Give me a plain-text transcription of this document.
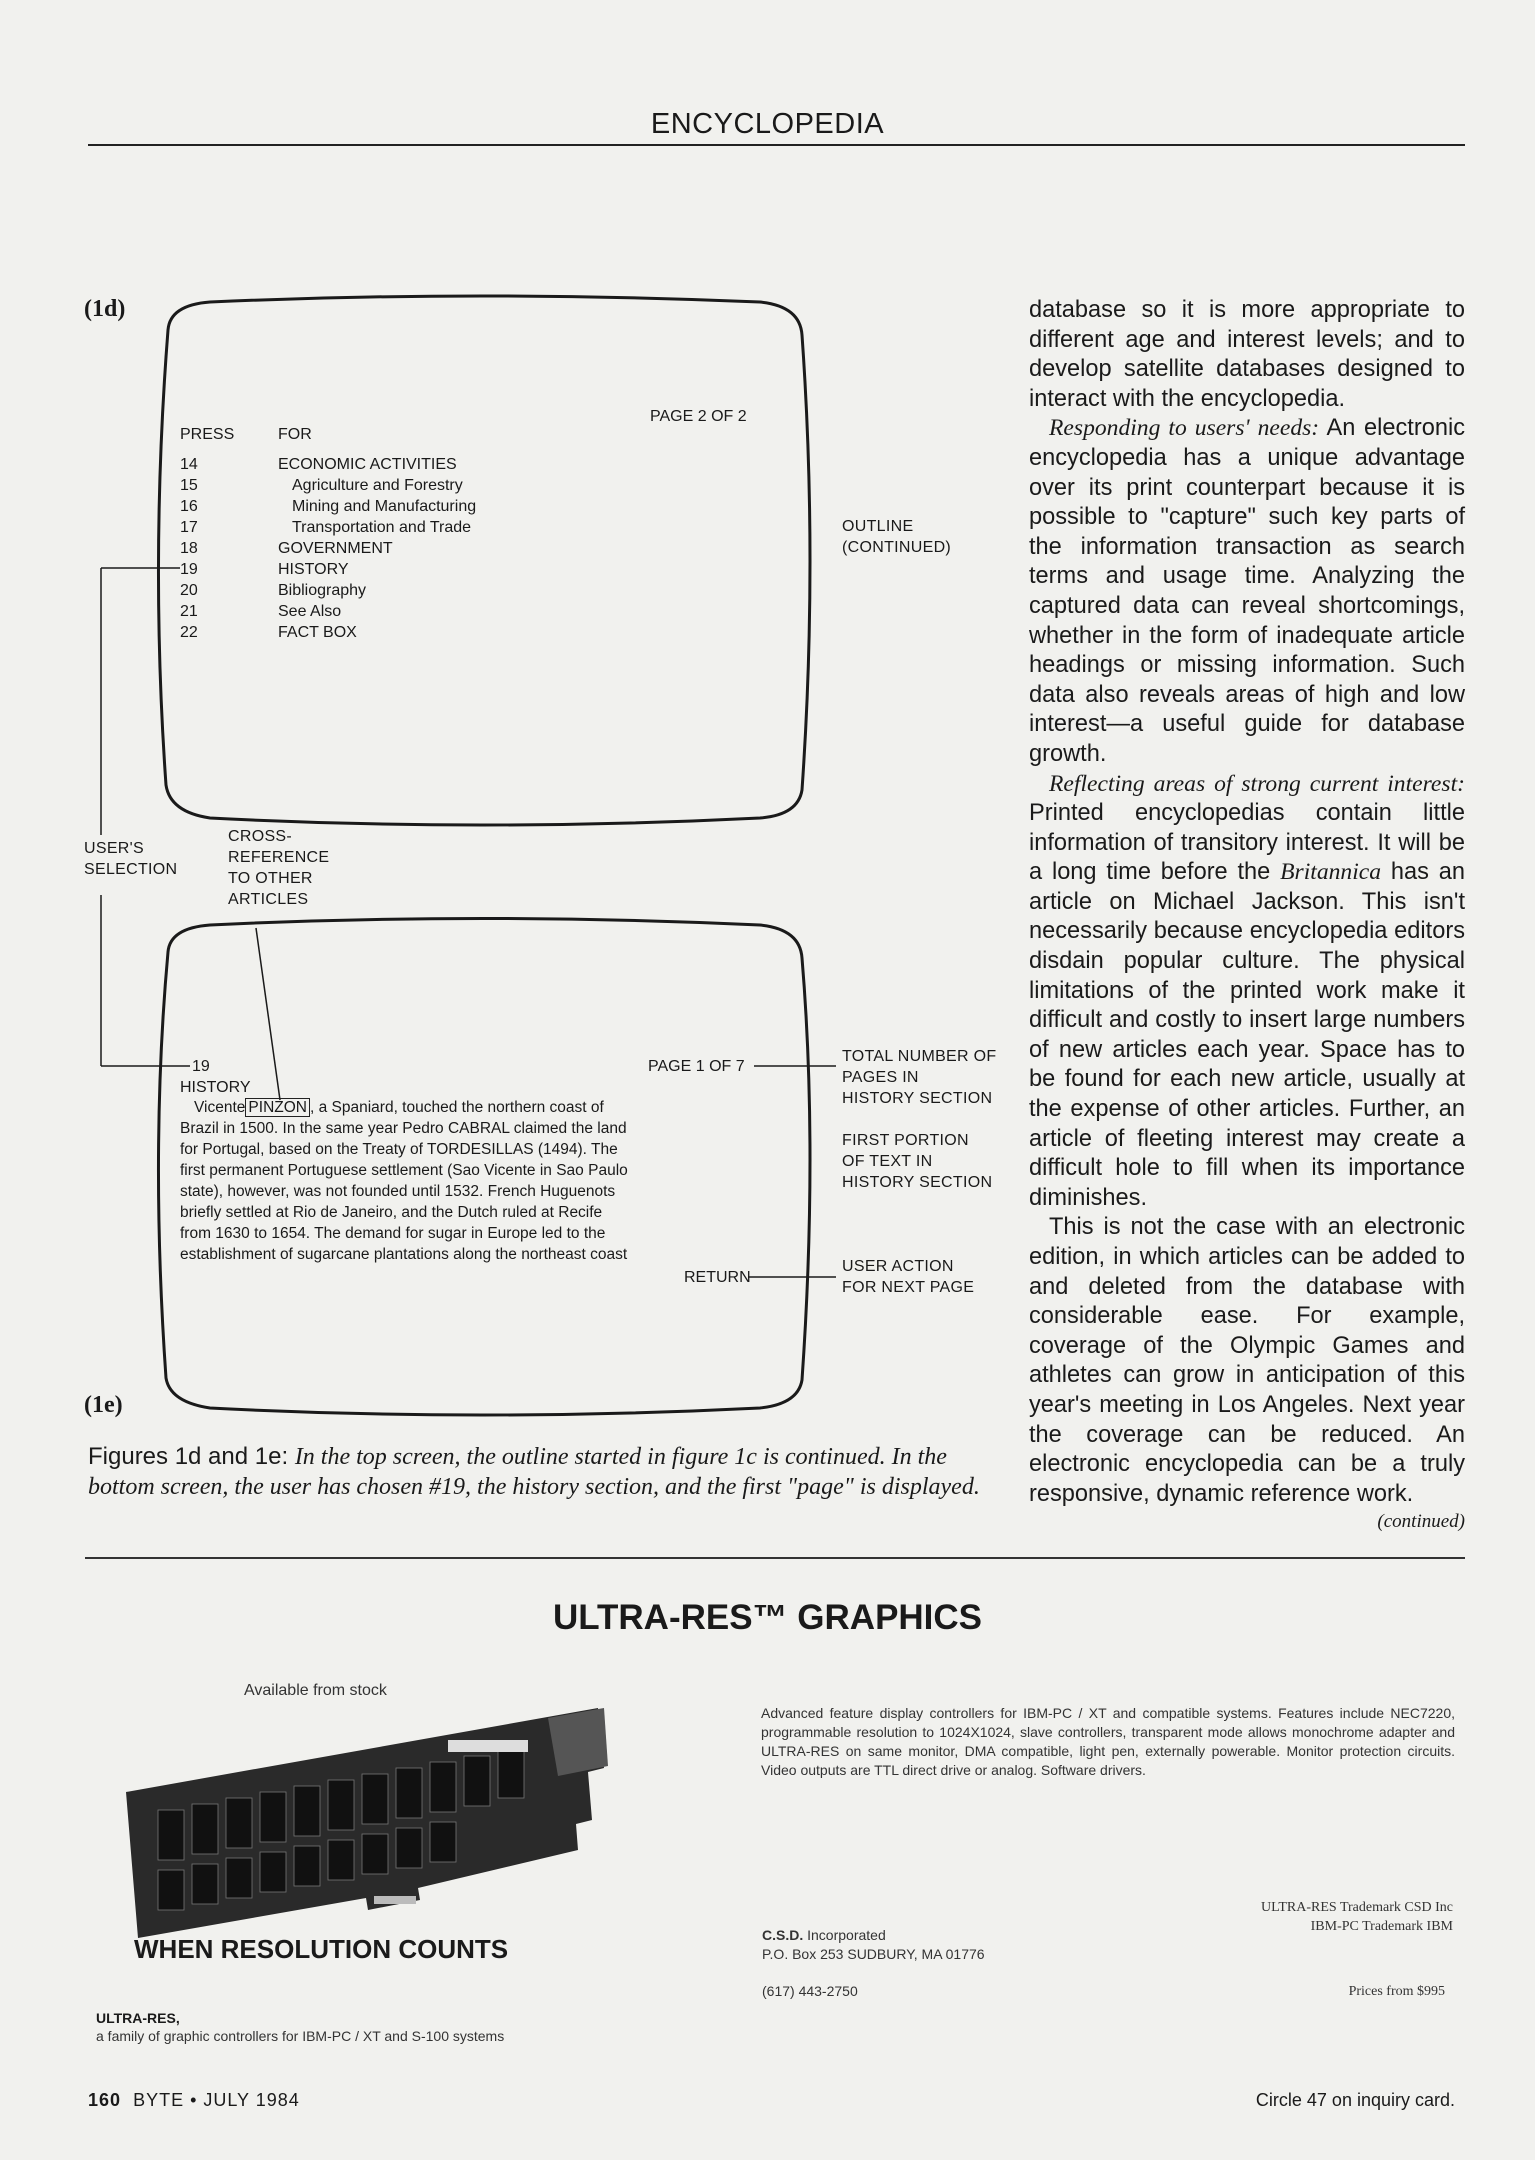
ENCYCLOPEDIA
(1d)
(1e)
PAGE 2 OF 2
PRESS	FOR
14	ECONOMIC ACTIVITIES
15	Agriculture and Forestry
16	Mining and Manufacturing
17	Transportation and Trade
18	GOVERNMENT
19	HISTORY
20	Bibliography
21	See Also
22	FACT BOX
OUTLINE
(CONTINUED)
USER'S
SELECTION
CROSS-
REFERENCE
TO OTHER
ARTICLES
TOTAL NUMBER OF
PAGES IN
HISTORY SECTION
FIRST PORTION
OF TEXT IN
HISTORY SECTION
USER ACTION
FOR NEXT PAGE
19	PAGE 1 OF 7
HISTORY
Vicente PINZON , a Spaniard, touched the northern coast of
Brazil in 1500. In the same year Pedro CABRAL claimed the land
for Portugal, based on the Treaty of TORDESILLAS (1494). The
first permanent Portuguese settlement (Sao Vicente in Sao Paulo
state), however, was not founded until 1532. French Huguenots
briefly settled at Rio de Janeiro, and the Dutch ruled at Recife
from 1630 to 1654. The demand for sugar in Europe led to the
establishment of sugarcane plantations along the northeast coast
RETURN
Figures 1d and 1e: In the top screen, the outline started in figure 1c is continued. In the bottom screen, the user has chosen #19, the history section, and the first "page" is displayed.

database so it is more appropriate to different age and interest levels; and to develop satellite databases designed to interact with the encyclopedia.

Responding to users' needs: An electronic encyclopedia has a unique advantage over its print counterpart because it is possible to "capture" such key parts of the information transaction as search terms and usage time. Analyzing the captured data can reveal shortcomings, whether in the form of inadequate article headings or missing information. Such data also reveals areas of high and low interest—a useful guide for database growth.

Reflecting areas of strong current interest: Printed encyclopedias contain little information of transitory interest. It will be a long time before the Britannica has an article on Michael Jackson. This isn't necessarily because encyclopedia editors disdain popular culture. The physical limitations of the printed work make it difficult and costly to insert large numbers of new articles each year. Space has to be found for each new article, usually at the expense of other articles. Further, an article of fleeting interest may create a difficult hole to fill when its importance diminishes.

This is not the case with an electronic edition, in which articles can be added to and deleted from the database with considerable ease. For example, coverage of the Olympic Games and athletes can grow in anticipation of this year's meeting in Los Angeles. Next year the coverage can be reduced. An electronic encyclopedia can be a truly responsive, dynamic reference work.

(continued)
ULTRA-RES™ GRAPHICS
Available from stock
Advanced feature display controllers for IBM-PC / XT and compatible systems. Features include NEC7220, programmable resolution to 1024X1024, slave controllers, transparent mode allows monochrome adapter and ULTRA-RES on same monitor, DMA compatible, light pen, externally powerable. Monitor protection circuits. Video outputs are TTL direct drive or analog. Software drivers.
WHEN RESOLUTION COUNTS	C.S.D. Incorporated
P.O. Box 253 SUDBURY, MA 01776
(617) 443-2750
ULTRA-RES Trademark CSD Inc
IBM-PC Trademark IBM
Prices from $995
ULTRA-RES,
a family of graphic controllers for IBM-PC / XT and S-100 systems
160 BYTE • JULY 1984	Circle 47 on inquiry card.
